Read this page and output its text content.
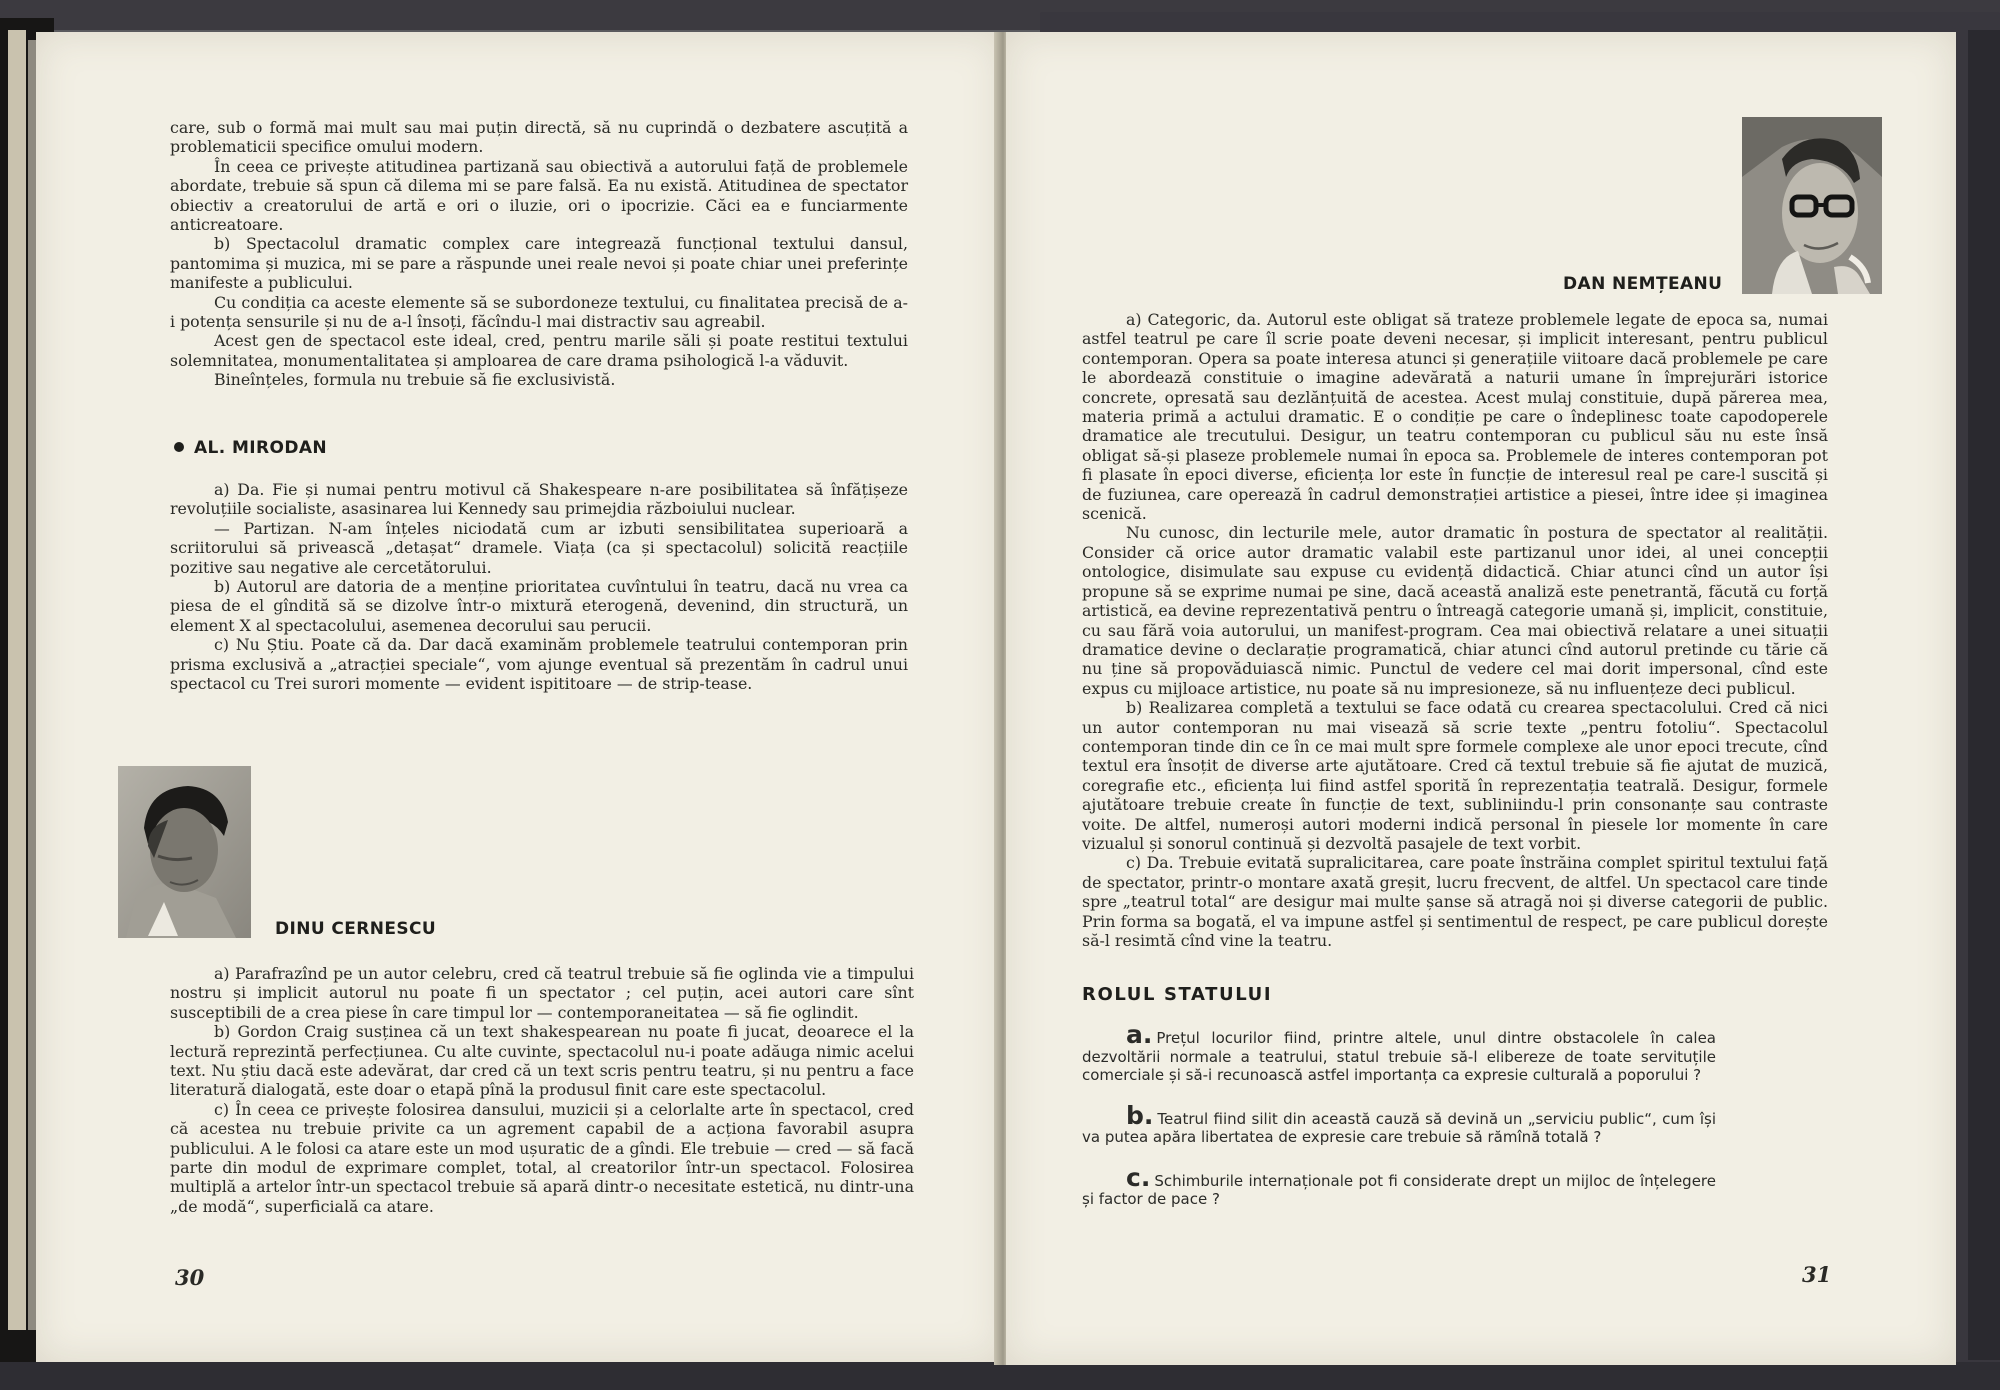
care, sub o formă mai mult sau mai puțin directă, să nu cuprindă o dezbatere ascuțită a problematicii specifice omului modern.

În ceea ce privește atitudinea partizană sau obiectivă a autorului față de problemele abordate, trebuie să spun că dilema mi se pare falsă. Ea nu există. Atitudinea de spectator obiectiv a creatorului de artă e ori o iluzie, ori o ipocrizie. Căci ea e funciarmente anticreatoare.

b) Spectacolul dramatic complex care integrează funcțional textului dansul, pantomima și muzica, mi se pare a răspunde unei reale nevoi și poate chiar unei preferințe manifeste a publicului.

Cu condiția ca aceste elemente să se subordoneze textului, cu finalitatea precisă de a-i potența sensurile și nu de a-l însoți, făcîndu-l mai distractiv sau agreabil.

Acest gen de spectacol este ideal, cred, pentru marile săli și poate restitui textului solemnitatea, monumentalitatea și amploarea de care drama psihologică l-a văduvit.

Bineînțeles, formula nu trebuie să fie exclusivistă.

AL. MIRODAN

a) Da. Fie și numai pentru motivul că Shakespeare n-are posibilitatea să înfățișeze revoluțiile socialiste, asasinarea lui Kennedy sau primejdia războiului nuclear.

— Partizan. N-am înțeles niciodată cum ar izbuti sensibilitatea superioară a scriitorului să privească „detașat“ dramele. Viața (ca și spectacolul) solicită reacțiile pozitive sau negative ale cercetătorului.

b) Autorul are datoria de a menține prioritatea cuvîntului în teatru, dacă nu vrea ca piesa de el gîndită să se dizolve într-o mixtură eterogenă, devenind, din structură, un element X al spectacolului, asemenea decorului sau perucii.

c) Nu Știu. Poate că da. Dar dacă examinăm problemele teatrului contemporan prin prisma exclusivă a „atracției speciale“, vom ajunge eventual să prezentăm în cadrul unui spectacol cu Trei surori momente — evident ispititoare — de strip-tease.

DINU CERNESCU

a) Parafrazînd pe un autor celebru, cred că teatrul trebuie să fie oglinda vie a timpului nostru și implicit autorul nu poate fi un spectator ; cel puțin, acei autori care sînt susceptibili de a crea piese în care timpul lor — contemporaneitatea — să fie oglindit.

b) Gordon Craig susținea că un text shakespearean nu poate fi jucat, deoarece el la lectură reprezintă perfecțiunea. Cu alte cuvinte, spectacolul nu-i poate adăuga nimic acelui text. Nu știu dacă este adevărat, dar cred că un text scris pentru teatru, și nu pentru a face literatură dialogată, este doar o etapă pînă la produsul finit care este spectacolul.

c) În ceea ce privește folosirea dansului, muzicii și a celorlalte arte în spectacol, cred că acestea nu trebuie privite ca un agrement capabil de a acționa favorabil asupra publicului. A le folosi ca atare este un mod ușuratic de a gîndi. Ele trebuie — cred — să facă parte din modul de exprimare complet, total, al creatorilor într-un spectacol. Folosirea multiplă a artelor într-un spectacol trebuie să apară dintr-o necesitate estetică, nu dintr-una „de modă“, superficială ca atare.

30
DAN NEMȚEANU

a) Categoric, da. Autorul este obligat să trateze problemele legate de epoca sa, numai astfel teatrul pe care îl scrie poate deveni necesar, și implicit interesant, pentru publicul contemporan. Opera sa poate interesa atunci și generațiile viitoare dacă problemele pe care le abordează constituie o imagine adevărată a naturii umane în împrejurări istorice concrete, opresată sau dezlănțuită de acestea. Acest mulaj constituie, după părerea mea, materia primă a actului dramatic. E o condiție pe care o îndeplinesc toate capodoperele dramatice ale trecutului. Desigur, un teatru contemporan cu publicul său nu este însă obligat să-și plaseze problemele numai în epoca sa. Problemele de interes contemporan pot fi plasate în epoci diverse, eficiența lor este în funcție de interesul real pe care-l suscită și de fuziunea, care operează în cadrul demonstrației artistice a piesei, între idee și imaginea scenică.

Nu cunosc, din lecturile mele, autor dramatic în postura de spectator al realității. Consider că orice autor dramatic valabil este partizanul unor idei, al unei concepții ontologice, disimulate sau expuse cu evidență didactică. Chiar atunci cînd un autor își propune să se exprime numai pe sine, dacă această analiză este penetrantă, făcută cu forță artistică, ea devine reprezentativă pentru o întreagă categorie umană și, implicit, constituie, cu sau fără voia autorului, un manifest-program. Cea mai obiectivă relatare a unei situații dramatice devine o declarație programatică, chiar atunci cînd autorul pretinde cu tărie că nu ține să propovăduiască nimic. Punctul de vedere cel mai dorit impersonal, cînd este expus cu mijloace artistice, nu poate să nu impresioneze, să nu influențeze deci publicul.

b) Realizarea completă a textului se face odată cu crearea spectacolului. Cred că nici un autor contemporan nu mai visează să scrie texte „pentru fotoliu“. Spectacolul contemporan tinde din ce în ce mai mult spre formele complexe ale unor epoci trecute, cînd textul era însoțit de diverse arte ajutătoare. Cred că textul trebuie să fie ajutat de muzică, coregrafie etc., eficiența lui fiind astfel sporită în reprezentația teatrală. Desigur, formele ajutătoare trebuie create în funcție de text, subliniindu-l prin consonanțe sau contraste voite. De altfel, numeroși autori moderni indică personal în piesele lor momente în care vizualul și sonorul continuă și dezvoltă pasajele de text vorbit.

c) Da. Trebuie evitată supralicitarea, care poate înstrăina complet spiritul textului față de spectator, printr-o montare axată greșit, lucru frecvent, de altfel. Un spectacol care tinde spre „teatrul total“ are desigur mai multe șanse să atragă noi și diverse categorii de public. Prin forma sa bogată, el va impune astfel și sentimentul de respect, pe care publicul dorește să-l resimtă cînd vine la teatru.

ROLUL STATULUI
a. Prețul locurilor fiind, printre altele, unul dintre obstacolele în calea dezvoltării normale a teatrului, statul trebuie să-l elibereze de toate servituțile comerciale și să-i recunoască astfel importanța ca expresie culturală a poporului ?
b. Teatrul fiind silit din această cauză să devină un „serviciu public“, cum își va putea apăra libertatea de expresie care trebuie să rămînă totală ?
c. Schimburile internaționale pot fi considerate drept un mijloc de înțelegere și factor de pace ?
31
